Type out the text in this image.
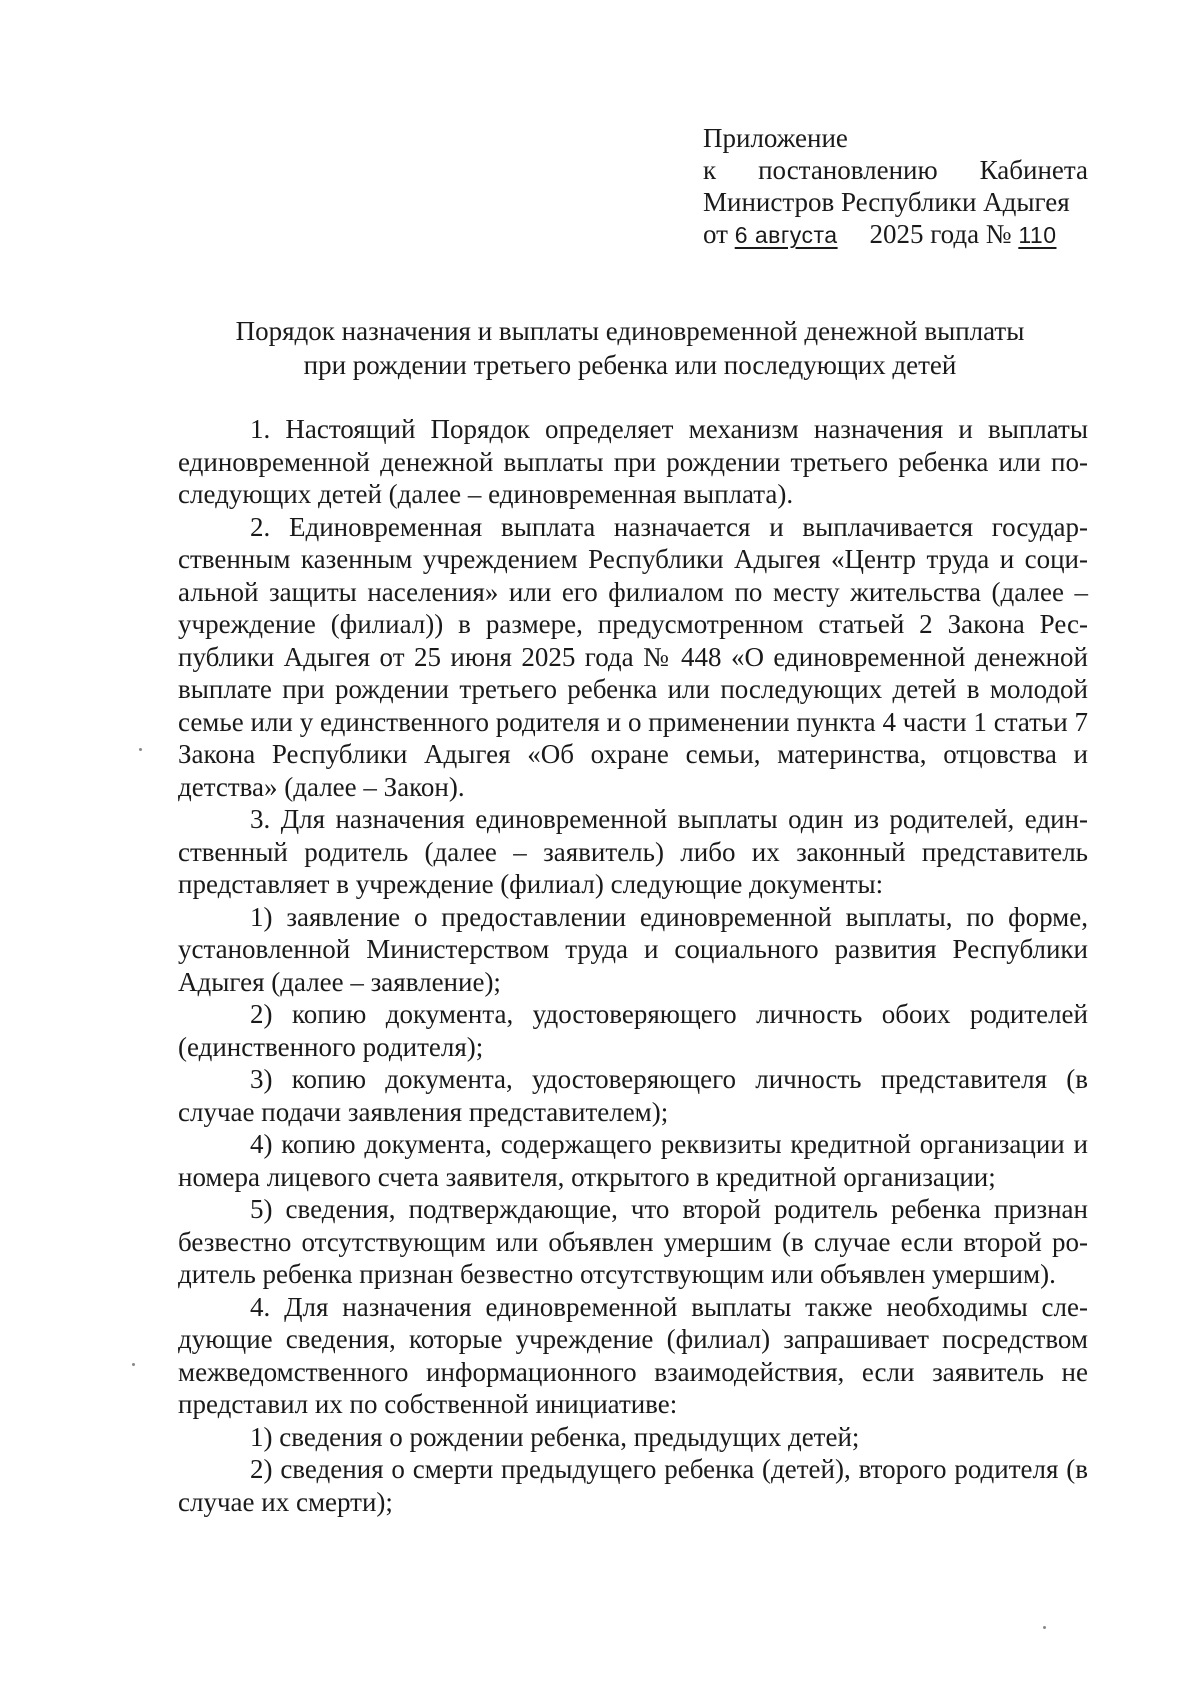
Приложение
к постановлению Кабинета
Министров Республики Адыгея
от 6 августа 2025 года № 110
Порядок назначения и выплаты единовременной денежной выплаты
при рождении третьего ребенка или последующих детей

1. Настоящий Порядок определяет механизм назначения и выплаты единовременной денежной выплаты при рождении третьего ребенка или последующих детей (далее – единовременная выплата).

2. Единовременная выплата назначается и выплачивается государственным казенным учреждением Республики Адыгея «Центр труда и социальной защиты населения» или его филиалом по месту жительства (далее – учреждение (филиал)) в размере, предусмотренном статьей 2 Закона Республики Адыгея от 25 июня 2025 года № 448 «О единовременной денежной выплате при рождении третьего ребенка или последующих детей в молодой семье или у единственного родителя и о применении пункта 4 части 1 статьи 7 Закона Республики Адыгея «Об охране семьи, материнства, отцовства и детства» (далее – Закон).

3. Для назначения единовременной выплаты один из родителей, единственный родитель (далее – заявитель) либо их законный представитель представляет в учреждение (филиал) следующие документы:

1) заявление о предоставлении единовременной выплаты, по форме, установленной Министерством труда и социального развития Республики Адыгея (далее – заявление);

2) копию документа, удостоверяющего личность обоих родителей (единственного родителя);

3) копию документа, удостоверяющего личность представителя (в случае подачи заявления представителем);

4) копию документа, содержащего реквизиты кредитной организации и номера лицевого счета заявителя, открытого в кредитной организации;

5) сведения, подтверждающие, что второй родитель ребенка признан безвестно отсутствующим или объявлен умершим (в случае если второй родитель ребенка признан безвестно отсутствующим или объявлен умершим).

4. Для назначения единовременной выплаты также необходимы следующие сведения, которые учреждение (филиал) запрашивает посредством межведомственного информационного взаимодействия, если заявитель не представил их по собственной инициативе:

1) сведения о рождении ребенка, предыдущих детей;

2) сведения о смерти предыдущего ребенка (детей), второго родителя (в случае их смерти);
